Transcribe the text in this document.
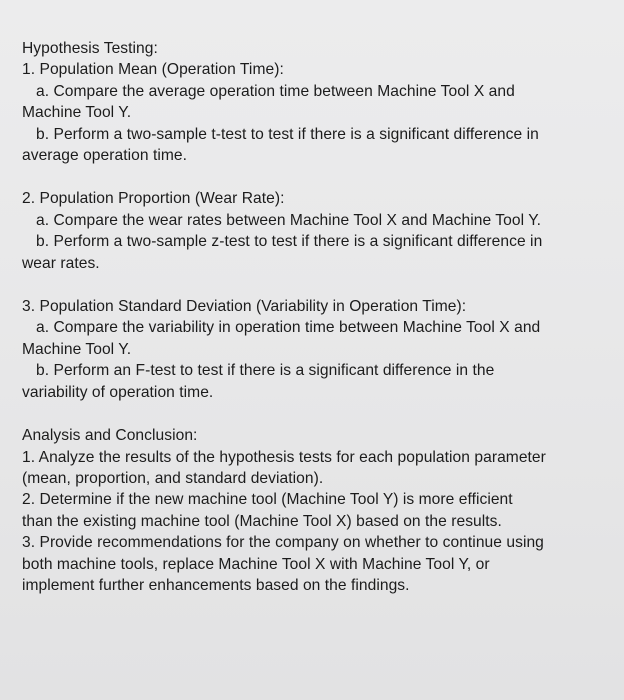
Hypothesis Testing:

1. Population Mean (Operation Time):

a. Compare the average operation time between Machine Tool X and

Machine Tool Y.

b. Perform a two-sample t-test to test if there is a significant difference in

average operation time.

2. Population Proportion (Wear Rate):

a. Compare the wear rates between Machine Tool X and Machine Tool Y.

b. Perform a two-sample z-test to test if there is a significant difference in

wear rates.

3. Population Standard Deviation (Variability in Operation Time):

a. Compare the variability in operation time between Machine Tool X and

Machine Tool Y.

b. Perform an F-test to test if there is a significant difference in the

variability of operation time.

Analysis and Conclusion:

1. Analyze the results of the hypothesis tests for each population parameter

(mean, proportion, and standard deviation).

2. Determine if the new machine tool (Machine Tool Y) is more efficient

than the existing machine tool (Machine Tool X) based on the results.

3. Provide recommendations for the company on whether to continue using

both machine tools, replace Machine Tool X with Machine Tool Y, or

implement further enhancements based on the findings.
